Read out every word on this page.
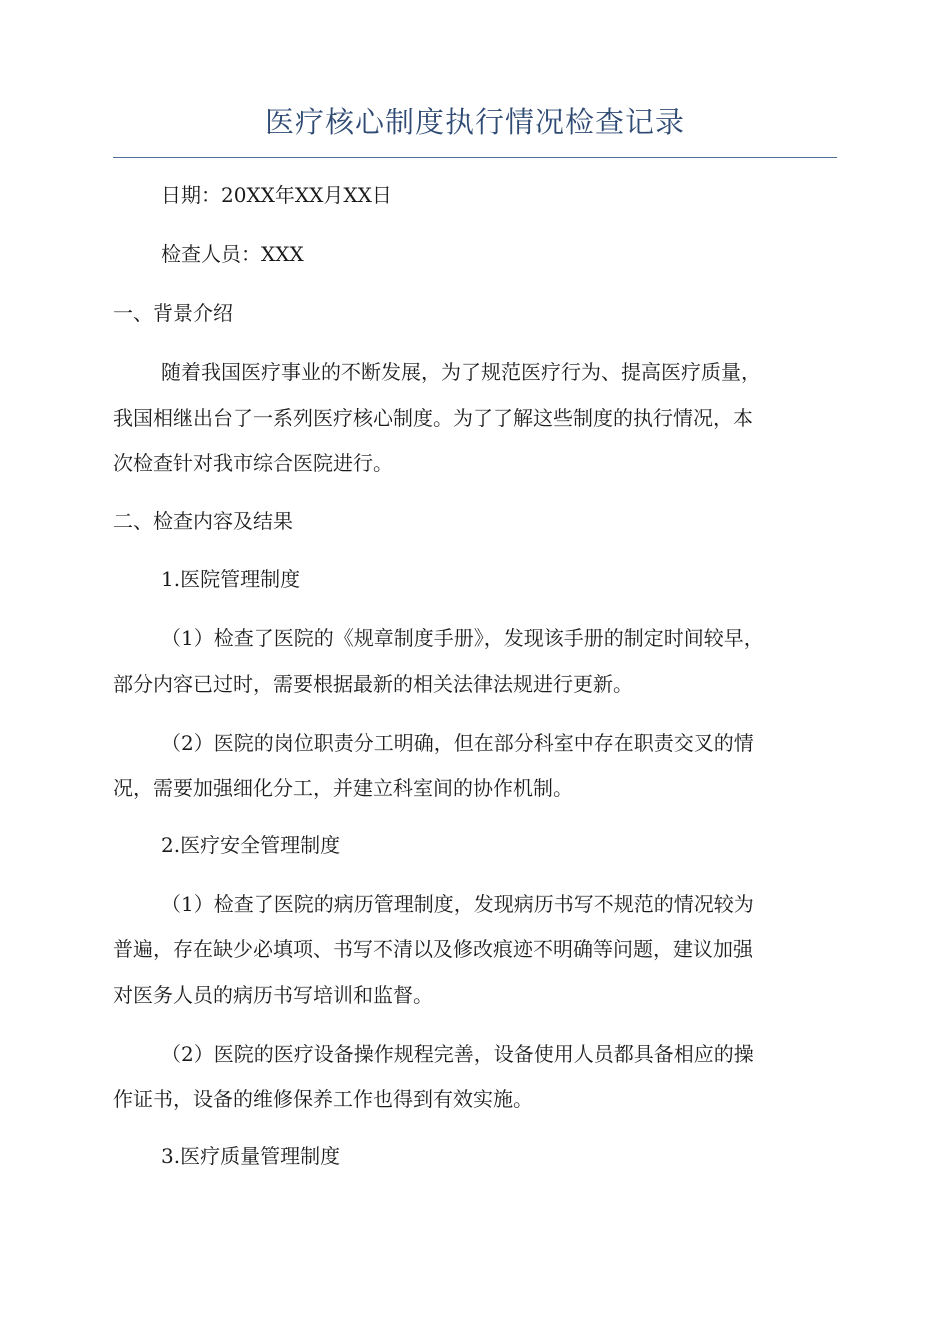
医疗核心制度执行情况检查记录
日期：20XX年XX月XX日
检查人员：XXX
一、背景介绍
随着我国医疗事业的不断发展，为了规范医疗行为、提高医疗质量，
我国相继出台了一系列医疗核心制度。为了了解这些制度的执行情况，本
次检查针对我市综合医院进行。
二、检查内容及结果
1.医院管理制度
（1）检查了医院的《规章制度手册》，发现该手册的制定时间较早，
部分内容已过时，需要根据最新的相关法律法规进行更新。
（2）医院的岗位职责分工明确，但在部分科室中存在职责交叉的情
况，需要加强细化分工，并建立科室间的协作机制。
2.医疗安全管理制度
（1）检查了医院的病历管理制度，发现病历书写不规范的情况较为
普遍，存在缺少必填项、书写不清以及修改痕迹不明确等问题，建议加强
对医务人员的病历书写培训和监督。
（2）医院的医疗设备操作规程完善，设备使用人员都具备相应的操
作证书，设备的维修保养工作也得到有效实施。
3.医疗质量管理制度
